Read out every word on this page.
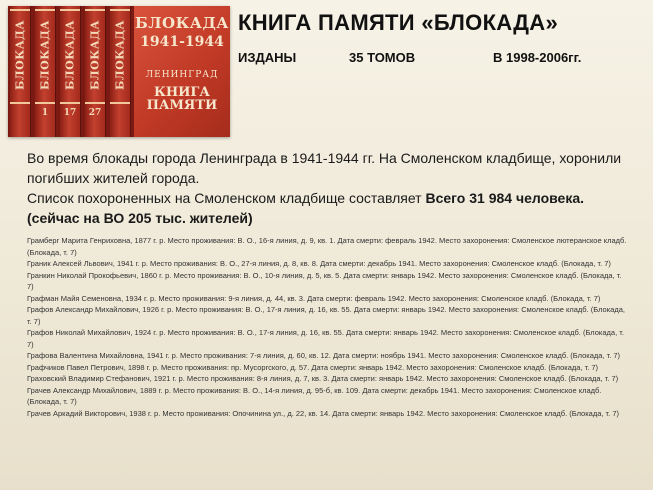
БЛОКАДА БЛОКАДА
1
БЛОКАДА
17
БЛОКАДА
27
БЛОКАДА БЛОКАДА
1941-1944
ЛЕНИНГРАД
КНИГА
ПАМЯТИ
КНИГА ПАМЯТИ «БЛОКАДА»
ИЗДАНЫ	35 ТОМОВ	В 1998-2006гг.

Во время блокады города Ленинграда в 1941-1944 гг. На Смоленском кладбище, хоронили погибших жителей города.

Список похороненных на Смоленском кладбище составляет Всего 31 984 человека.

(сейчас на ВО 205 тыс. жителей)

Грамберг Марита Генриховна, 1877 г. р. Место проживания: В. О., 16-я линия, д. 9, кв. 1. Дата смерти: февраль 1942. Место захоронения: Смоленское лютеранское кладб. (Блокада, т. 7)
Граник Алексей Львович, 1941 г. р. Место проживания: В. О., 27-я линия, д. 8, кв. 8. Дата смерти: декабрь 1941. Место захоронения: Смоленское кладб. (Блокада, т. 7)
Гранкин Николай Прокофьевич, 1860 г. р. Место проживания: В. О., 10-я линия, д. 5, кв. 5. Дата смерти: январь 1942. Место захоронения: Смоленское кладб. (Блокада, т. 7)
Графман Майя Семеновна, 1934 г. р. Место проживания: 9-я линия, д. 44, кв. 3. Дата смерти: февраль 1942. Место захоронения: Смоленское кладб. (Блокада, т. 7)
Графов Александр Михайлович, 1926 г. р. Место проживания: В. О., 17-я линия, д. 16, кв. 55. Дата смерти: январь 1942. Место захоронения: Смоленское кладб. (Блокада, т. 7)
Графов Николай Михайлович, 1924 г. р. Место проживания: В. О., 17-я линия, д. 16, кв. 55. Дата смерти: январь 1942. Место захоронения: Смоленское кладб. (Блокада, т. 7)
Графова Валентина Михайловна, 1941 г. р. Место проживания: 7-я линия, д. 60, кв. 12. Дата смерти: ноябрь 1941. Место захоронения: Смоленское кладб. (Блокада, т. 7)
Графчиков Павел Петрович, 1898 г. р. Место проживания: пр. Мусоргского, д. 57. Дата смерти: январь 1942. Место захоронения: Смоленское кладб. (Блокада, т. 7)
Граховский Владимир Стефанович, 1921 г. р. Место проживания: 8-я линия, д. 7, кв. 3. Дата смерти: январь 1942. Место захоронения: Смоленское кладб. (Блокада, т. 7)
Грачев Александр Михайлович, 1889 г. р. Место проживания: В. О., 14-я линия, д. 95-б, кв. 109. Дата смерти: декабрь 1941. Место захоронения: Смоленское кладб. (Блокада, т. 7)
Грачев Аркадий Викторович, 1938 г. р. Место проживания: Опочинина ул., д. 22, кв. 14. Дата смерти: январь 1942. Место захоронения: Смоленское кладб. (Блокада, т. 7)
